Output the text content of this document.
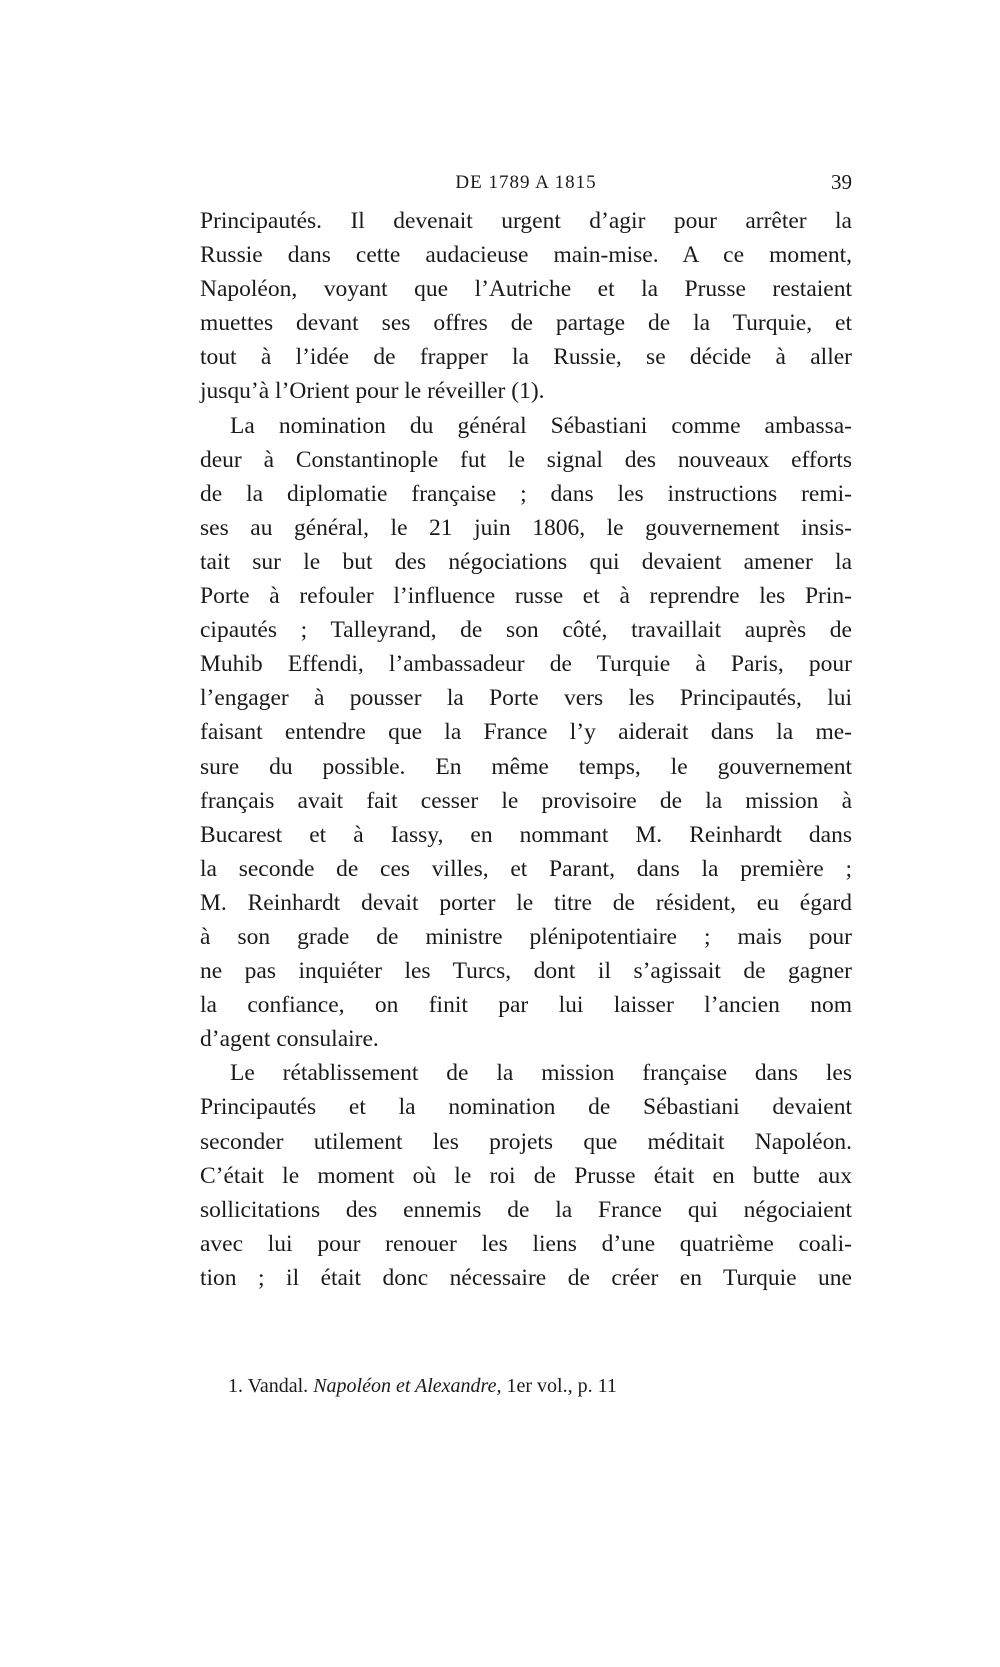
DE 1789 A 1815	39
Principautés. Il devenait urgent d’agir pour arrêter la
Russie dans cette audacieuse main-mise. A ce moment,
Napoléon, voyant que l’Autriche et la Prusse restaient
muettes devant ses offres de partage de la Turquie, et
tout à l’idée de frapper la Russie, se décide à aller
jusqu’à l’Orient pour le réveiller (1).
La nomination du général Sébastiani comme ambassa-
deur à Constantinople fut le signal des nouveaux efforts
de la diplomatie française ; dans les instructions remi-
ses au général, le 21 juin 1806, le gouvernement insis-
tait sur le but des négociations qui devaient amener la
Porte à refouler l’influence russe et à reprendre les Prin-
cipautés ; Talleyrand, de son côté, travaillait auprès de
Muhib Effendi, l’ambassadeur de Turquie à Paris, pour
l’engager à pousser la Porte vers les Principautés, lui
faisant entendre que la France l’y aiderait dans la me-
sure du possible. En même temps, le gouvernement
français avait fait cesser le provisoire de la mission à
Bucarest et à Iassy, en nommant M. Reinhardt dans
la seconde de ces villes, et Parant, dans la première ;
M. Reinhardt devait porter le titre de résident, eu égard
à son grade de ministre plénipotentiaire ; mais pour
ne pas inquiéter les Turcs, dont il s’agissait de gagner
la confiance, on finit par lui laisser l’ancien nom
d’agent consulaire.
Le rétablissement de la mission française dans les
Principautés et la nomination de Sébastiani devaient
seconder utilement les projets que méditait Napoléon.
C’était le moment où le roi de Prusse était en butte aux
sollicitations des ennemis de la France qui négociaient
avec lui pour renouer les liens d’une quatrième coali-
tion ; il était donc nécessaire de créer en Turquie une
1. Vandal. Napoléon et Alexandre, 1er vol., p. 11
